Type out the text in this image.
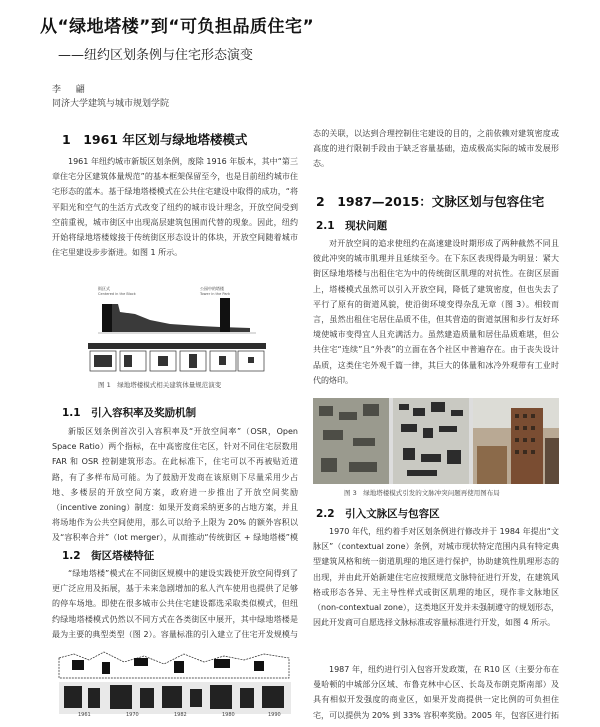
从“绿地塔楼”到“可负担品质住宅”
——纽约区划条例与住宅形态演变
李 　 翩
同济大学建筑与城市规划学院
1　1961 年区划与绿地塔楼模式

1961 年纽约城市新版区划条例，废除 1916 年版本，其中“第三章住宅分区建筑体量规范”的基本框架保留至今，也是目前纽约城市住宅形态的蓝本。基于绿地塔楼模式在公共住宅建设中取得的成功，“将平阳光和空气的生活方式改变了纽约的城市设计理念，开放空间受到空前重视，城市街区中出现高层建筑包围而代替的现象。因此，纽约开始将绿地塔楼嫁接于传统街区形态设计的体块，开放空间随着城市住宅里建设步步渐进。如图 1 所示。

街区式
Centered in the Block
公园中的塔楼
Tower in the Park
图 1　绿地塔楼模式相关建筑体量规范演变
1.1　引入容积率及奖励机制

新版区划条例首次引入容积率及“开放空间率”（OSR，Open Space Ratio）两个指标，在中高密度住宅区，针对不同住宅层数用 FAR 和 OSR 控制建筑形态。在此标准下，住宅可以不再被贴近道路，有了多样布局可能。为了鼓励开发商在该原则下尽量采用少占地、多楼层的开放空间方案，政府进一步推出了开放空间奖励（incentive zoning）制度：如果开发商采纳更多的占地方案，并且将场地作为公共空间使用，那么可以给予上限为 20% 的额外容积以及“容积率合并”（lot merger），从而推动“传统街区 + 绿地塔楼”模

1.2　街区塔楼特征

“绿地塔楼”模式在不同街区规模中的建设实践使开放空间得到了更广泛应用及拓展，基于未来急剧增加的私人汽车使用也提供了足够的停车场地。即使在很多城市公共住宅建设都选采取类似模式，但纽约绿地塔楼模式仍然以不同方式在各类街区中展开，其中绿地塔楼是最为主要的典型类型（图 2）。容量标准的引入建立了住宅开发规模与

1961	1970	1982	1980	1990

态的关联，以达到合理控制住宅建设的目的，之前依赖对建筑密度或高度的进行限制手段由于缺乏容量基础，造成极高实际的城市发展形态。

2　1987—2015：文脉区划与包容住宅
2.1　现状问题

对开放空间的追求使纽约在高速建设时期形成了两种截然不同且彼此冲突的城市肌理并且延续至今。在下东区表现得最为明显：紧大街区绿地塔楼与出租住宅为中的传统街区肌理的对抗性。在街区层面上，塔楼模式虽然可以引入开放空间，降低了建筑密度，但也失去了平行了原有的街道风貌，使沿街环境变得杂乱无章（图 3）。相较而言，虽然出租住宅居住品质不佳，但其营造的街道氛围和步行友好环境使城市变得宜人且充满活力。虽然建造质量和居住品质难堪，但公共住宅“连续”且“外表”的立面在各个社区中普遍存在。由于丧失设计品质，这类住宅外观千篇一律，其巨大的体量和冰冷外观带有工业时代的烙印。

图 3　绿地塔楼模式引发的文脉冲突问题再使用图布局
2.2　引入文脉区与包容区

1970 年代，纽约着手对区划条例进行修改并于 1984 年提出“文脉区”（contextual zone）条例，对城市现状特定范围内具有特定典型建筑风格和统一街道肌理的地区进行保护，协助建筑性肌理形态的出现，并由此开始新建住宅应按照规范文脉特征进行开发，在建筑风格或形态各异、无主导性样式或街区肌理的地区，现作非文脉地区（non-contextual zone），这类地区开发并未强制遵守的规划形态，因此开发商可自愿选择文脉标准或容量标准进行开发，如图 4 所示。

1987 年，纽约进行引入包容开发政策，在 R10 区（主要分布在曼哈顿的中城部分区域、布鲁克林中心区、长岛及布朗克斯南部）及具有相似开发强度的商业区，如果开发商提供一定比例的可负担住宅，可以提供为 20% 到 33% 容积率奖励。2005 年，包容区进行拓
